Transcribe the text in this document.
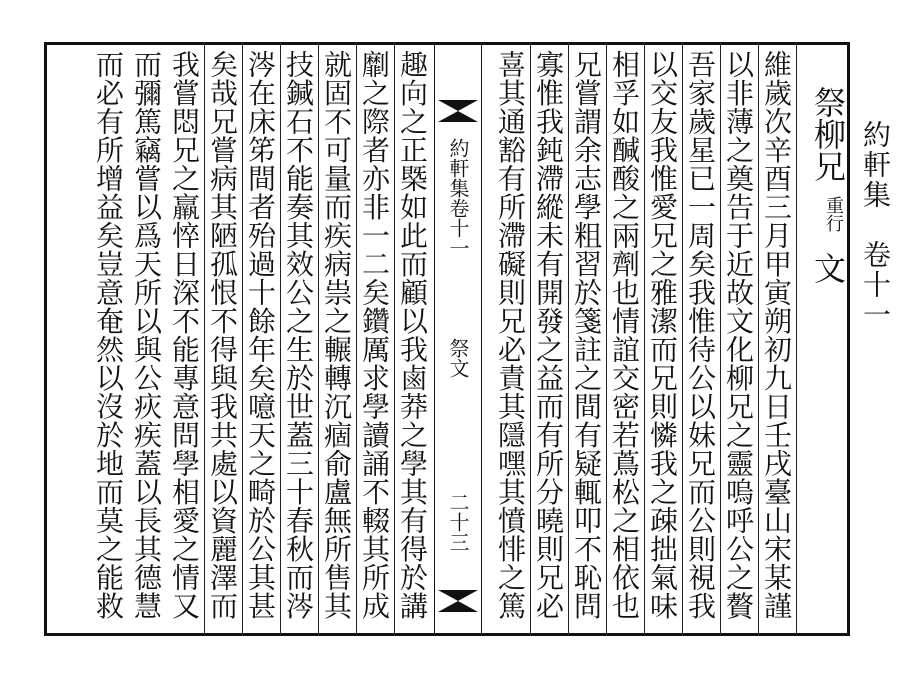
約軒集　卷十一
祭柳兄文
重行
維歲次辛酉三月甲寅朔初九日壬戌臺山宋某謹
以非薄之奠告于近故文化柳兄之靈嗚呼公之贅
吾家歲星已一周矣我惟待公以妹兄而公則視我
以交友我惟愛兄之雅潔而兄則憐我之疎拙氣味
相孚如醎酸之兩劑也情誼交密若蔦松之相依也
兄嘗謂余志學粗習於箋註之間有疑輒叩不恥問
寡惟我鈍滯縱未有開發之益而有所分曉則兄必
喜其通豁有所滯礙則兄必責其隱嘿其憤悱之篤
約軒集卷十一
祭文
二十三
趣向之正槩如此而顧以我鹵莽之學其有得於講
劘之際者亦非一二矣鑽厲求學讀誦不輟其所成
就固不可量而疾病祟之輾轉沉痼俞盧無所售其
技鍼石不能奏其效公之生於世蓋三十春秋而涔
涔在床笫間者殆過十餘年矣噫天之畸於公其甚
矣哉兄嘗病其陋孤恨不得與我共處以資麗澤而
我嘗悶兄之羸悴日深不能專意問學相愛之情又
而彌篤竊嘗以爲天所以與公疢疾蓋以長其德慧
而必有所增益矣豈意奄然以沒於地而莫之能救
